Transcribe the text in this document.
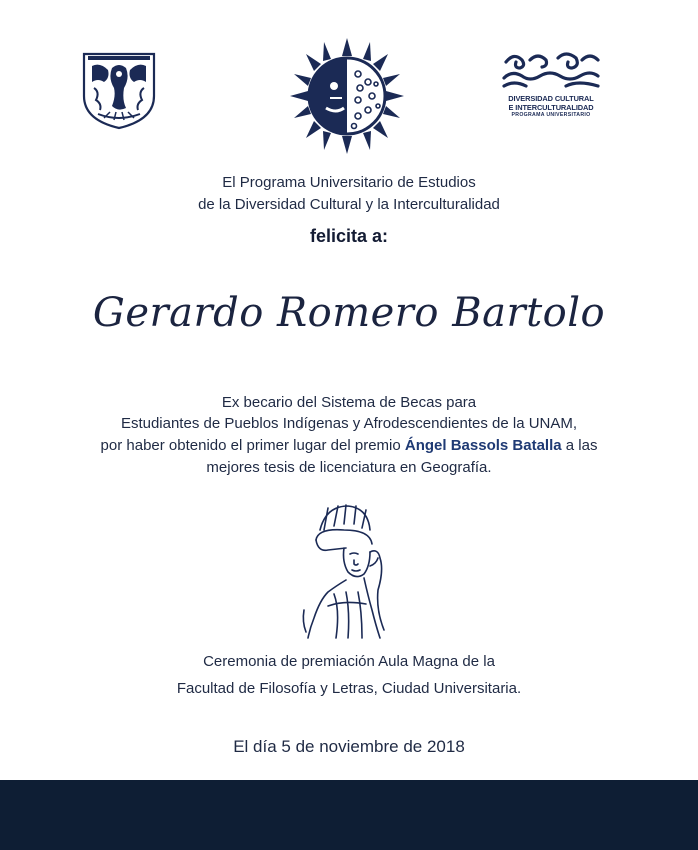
DIVERSIDAD CULTURAL
E INTERCULTURALIDAD
PROGRAMA UNIVERSITARIO
El Programa Universitario de Estudios
de la Diversidad Cultural y la Interculturalidad
felicita a:
Gerardo Romero Bartolo
Ex becario del Sistema de Becas para
Estudiantes de Pueblos Indígenas y Afrodescendientes de la UNAM,
por haber obtenido el primer lugar del premio Ángel Bassols Batalla a las
mejores tesis de licenciatura en Geografía.
Ceremonia de premiación Aula Magna de la
Facultad de Filosofía y Letras, Ciudad Universitaria.
El día 5 de noviembre de 2018
